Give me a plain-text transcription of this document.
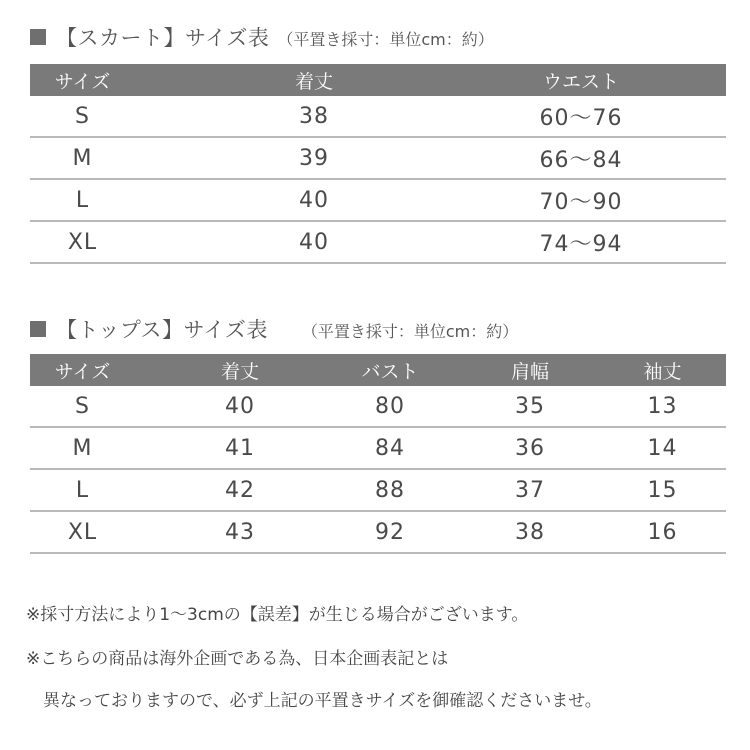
【スカート】サイズ表 （平置き採寸：単位cm：約）
サイズ	着丈	ウエスト
S	38	60〜76
M	39	66〜84
L	40	70〜90
XL	40	74〜94
【トップス】サイズ表 （平置き採寸：単位cm：約）
サイズ	着丈	バスト	肩幅	袖丈
S	40	80	35	13
M	41	84	36	14
L	42	88	37	15
XL	43	92	38	16
※採寸方法により1〜3cmの【誤差】が生じる場合がございます。
※こちらの商品は海外企画である為、日本企画表記とは
　異なっておりますので、必ず上記の平置きサイズを御確認くださいませ。
